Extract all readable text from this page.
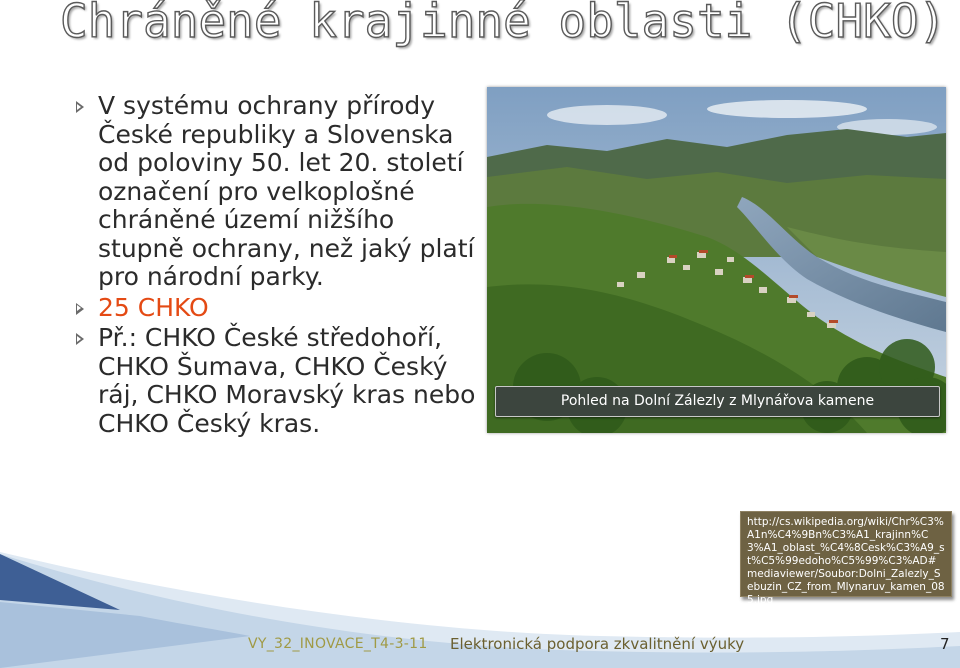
Chráněné krajinné oblasti (CHKO)
V systému ochrany přírody České republiky a Slovenska od poloviny 50. let 20. století označení pro velkoplošné chráněné území nižšího stupně ochrany, než jaký platí pro národní parky.
25 CHKO
Př.: CHKO České středohoří, CHKO Šumava, CHKO Český ráj, CHKO Moravský kras nebo CHKO Český kras.
Pohled na Dolní Zálezly z Mlynářova kamene
http://cs.wikipedia.org/wiki/Chr%C3%A1n%C4%9Bn%C3%A1_krajinn%C3%A1_oblast_%C4%8Cesk%C3%A9_st%C5%99edoho%C5%99%C3%AD#mediaviewer/Soubor:Dolni_Zalezly_Sebuzin_CZ_from_Mlynaruv_kamen_085.jpg
VY_32_INOVACE_T4-3-11 Elektronická podpora zkvalitnění výuky	7
